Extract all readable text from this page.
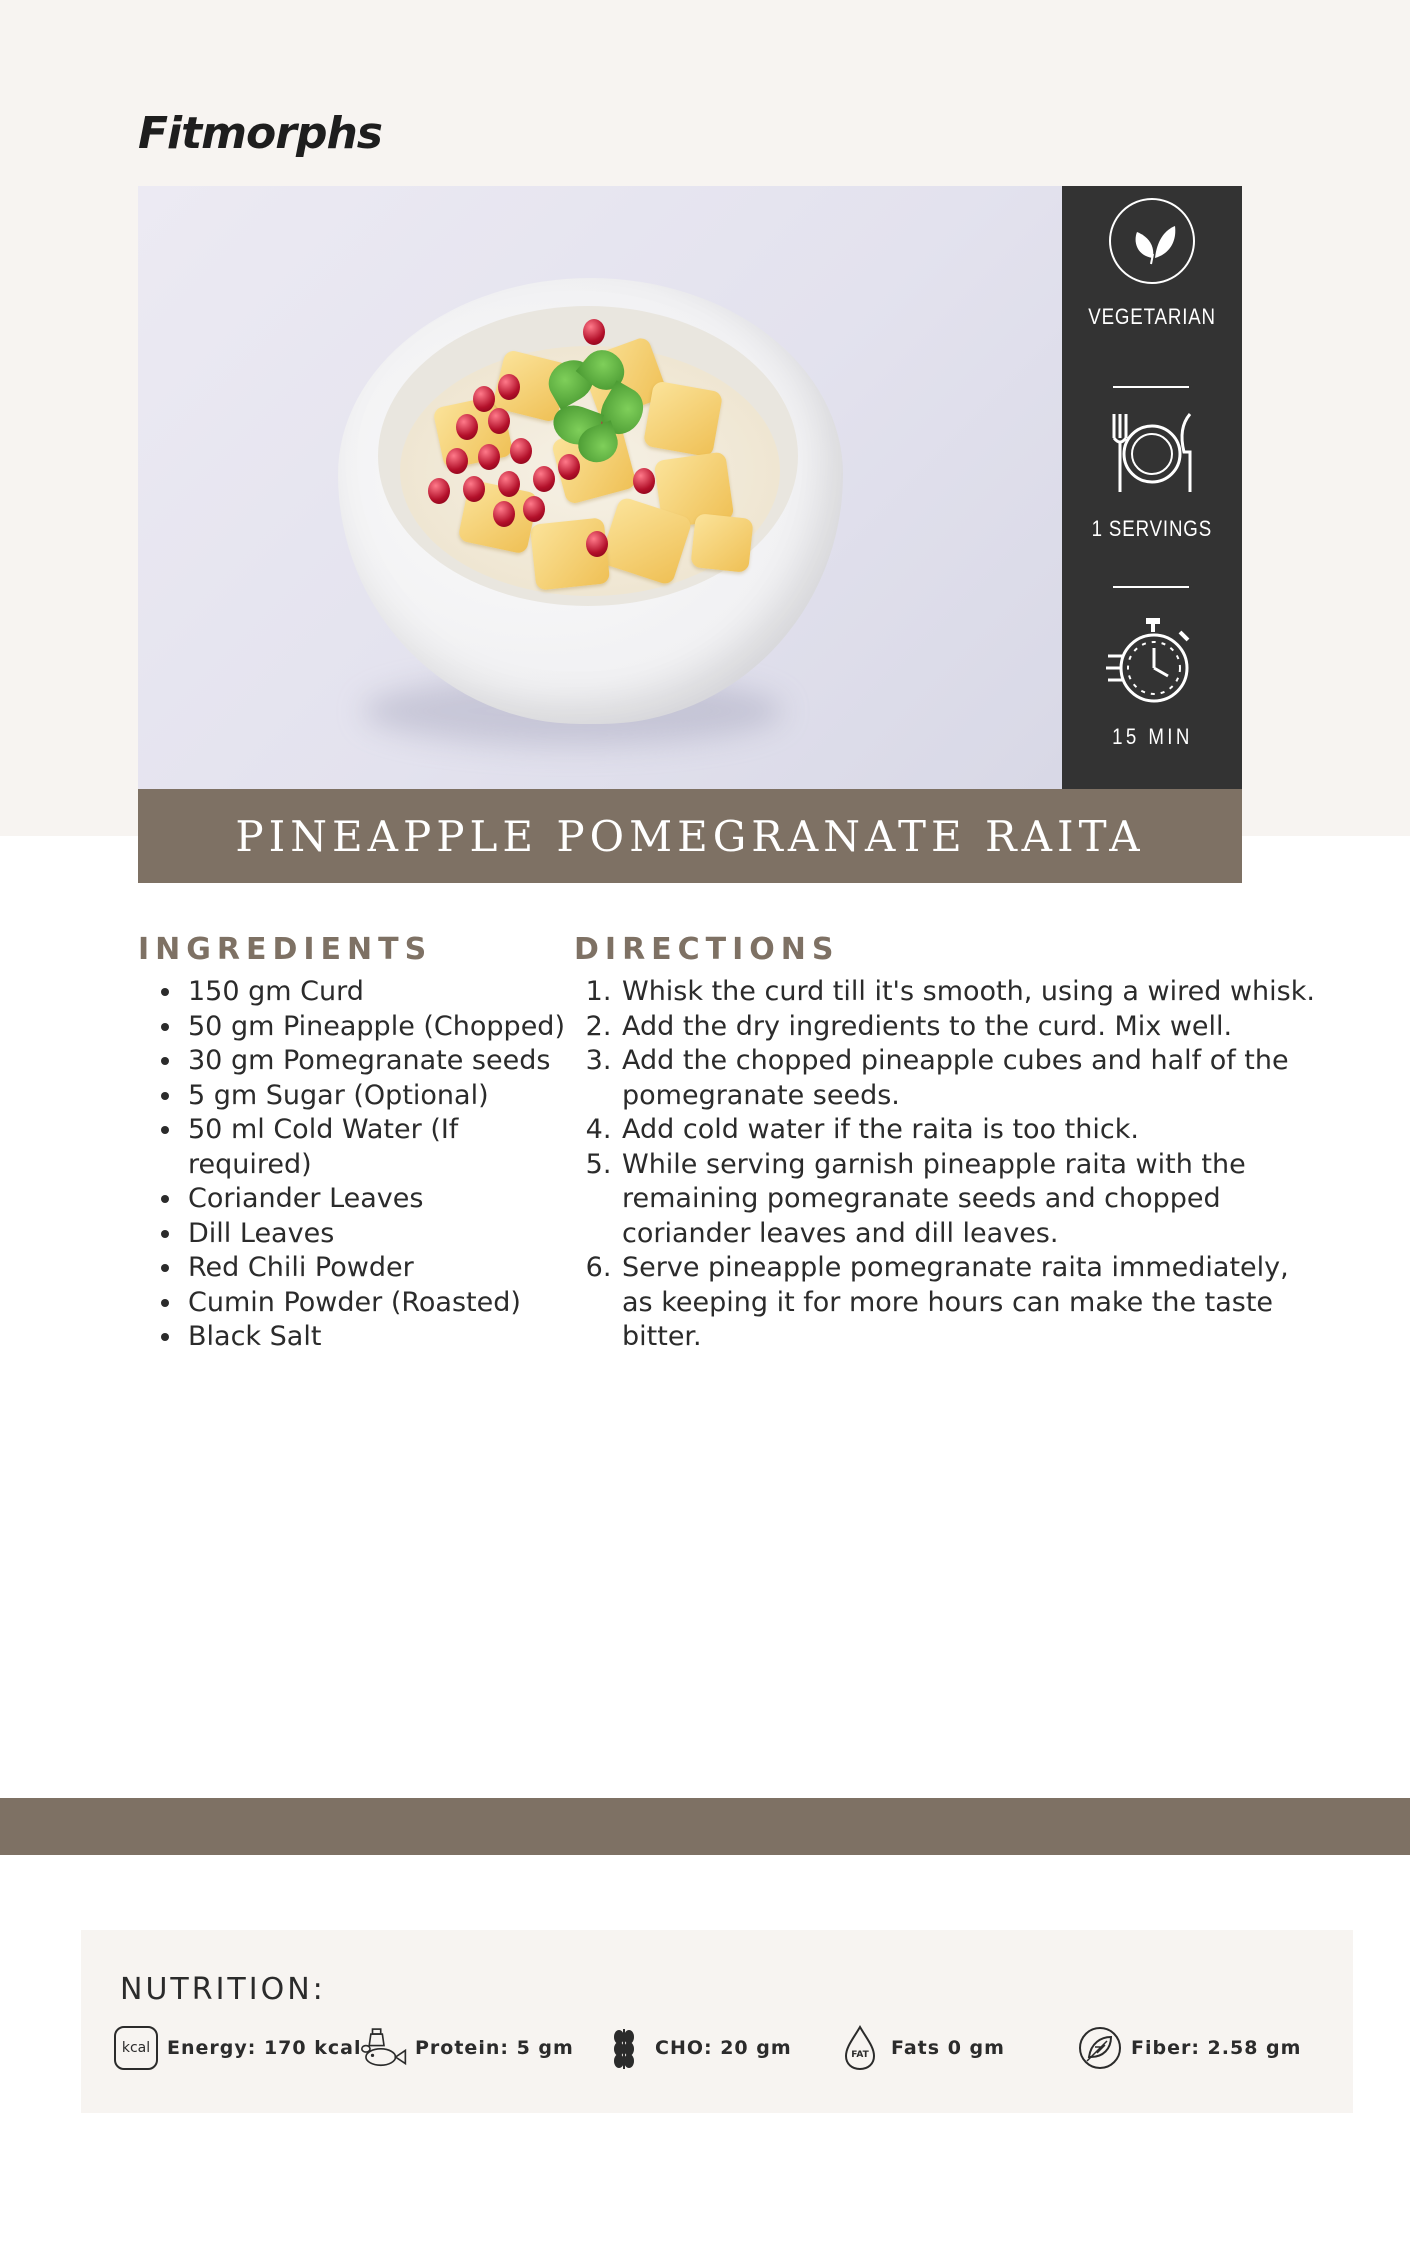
Fitmorphs
VEGETARIAN
1 SERVINGS
15 MIN
PINEAPPLE POMEGRANATE RAITA
INGREDIENTS
• 150 gm Curd
• 50 gm Pineapple (Chopped)
• 30 gm Pomegranate seeds
• 5 gm Sugar (Optional)
• 50 ml Cold Water (If required)
• Coriander Leaves
• Dill Leaves
• Red Chili Powder
• Cumin Powder (Roasted)
• Black Salt
DIRECTIONS
1. Whisk the curd till it's smooth, using a wired whisk.
2. Add the dry ingredients to the curd. Mix well.
3. Add the chopped pineapple cubes and half of the pomegranate seeds.
4. Add cold water if the raita is too thick.
5. While serving garnish pineapple raita with the remaining pomegranate seeds and chopped coriander leaves and dill leaves.
6. Serve pineapple pomegranate raita immediately, as keeping it for more hours can make the taste bitter.
NUTRITION:
kcal Energy: 170 kcal	Protein: 5 gm	CHO: 20 gm	FAT Fats 0 gm	Fiber: 2.58 gm
